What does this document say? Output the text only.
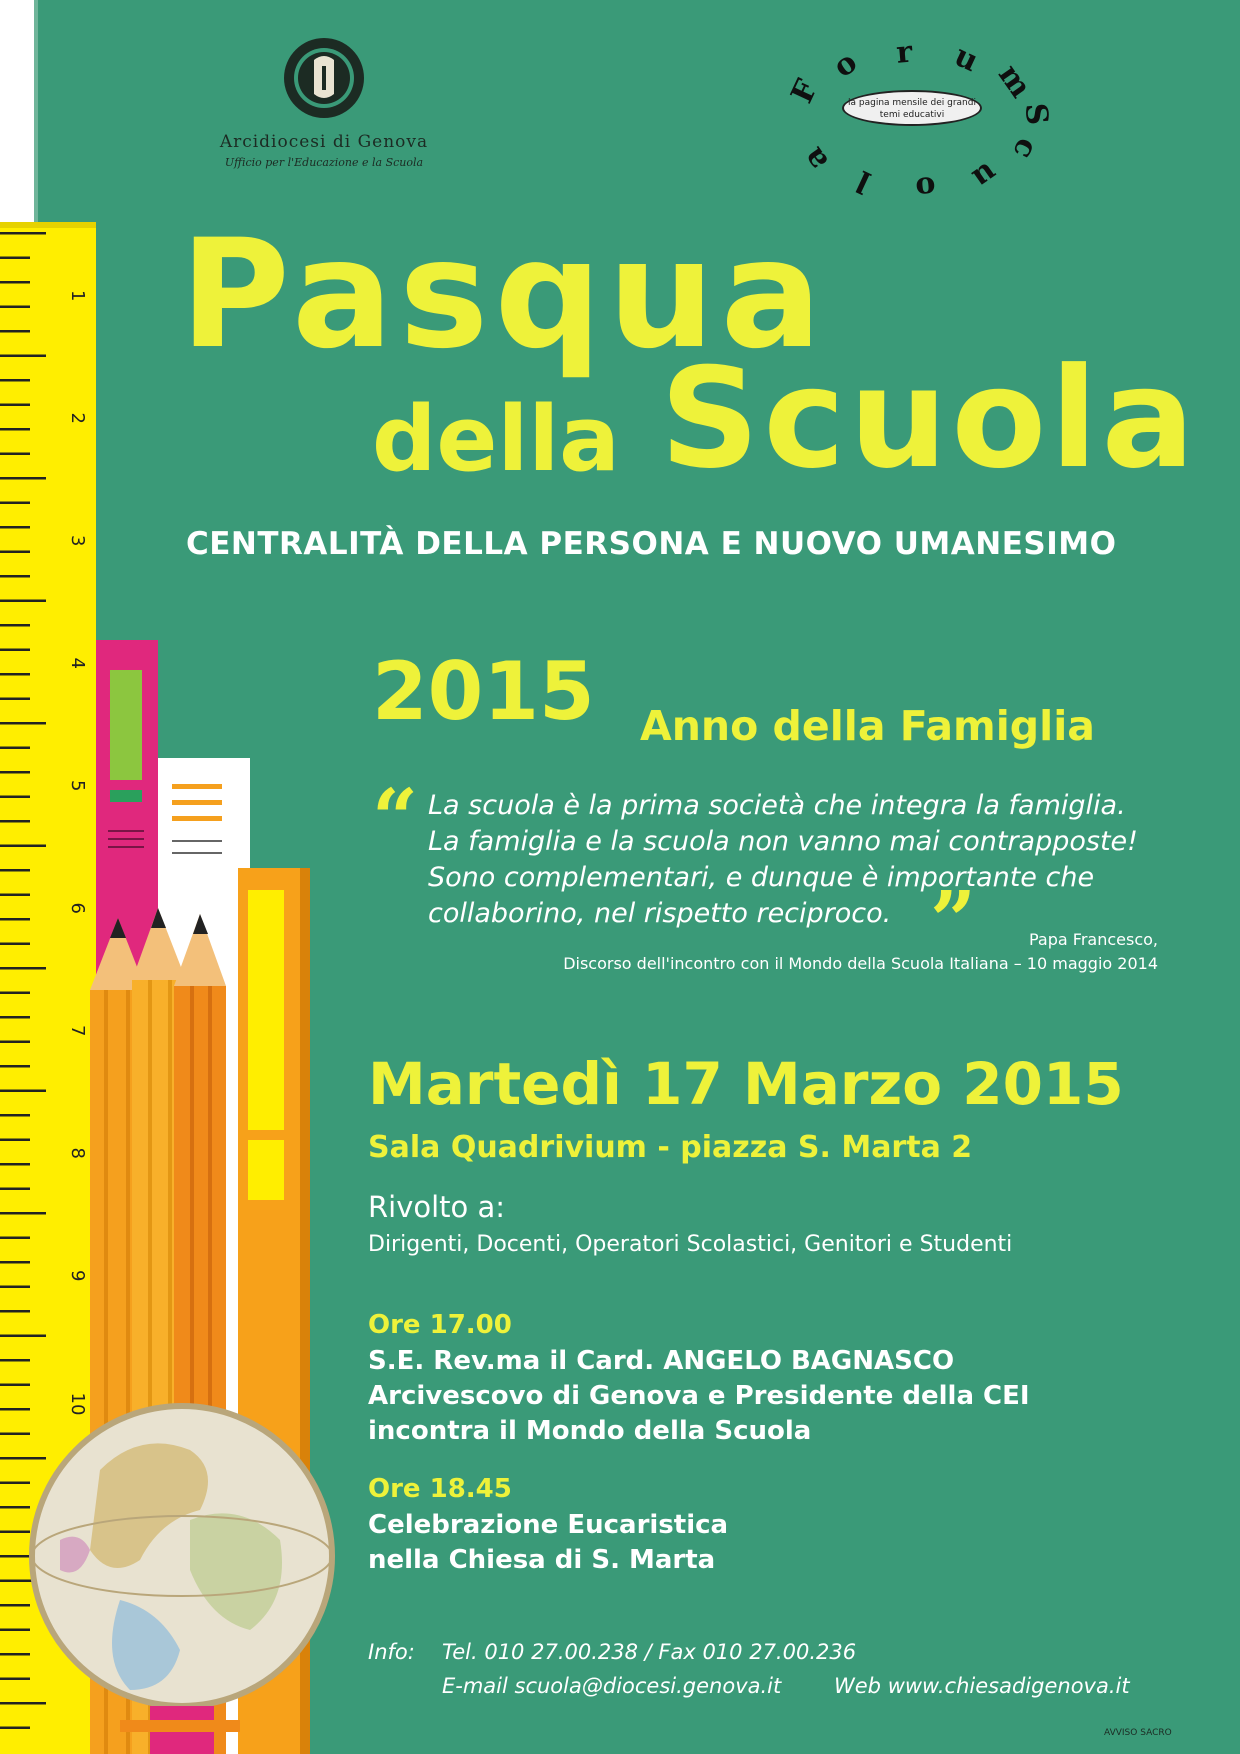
1
2
3
4
5
6
7
8
9
10
Arcidiocesi di Genova
Ufficio per l'Educazione e la Scuola
F
o r u m
S
c
u
o
l
a
la pagina mensile dei grandi temi educativi
Pasqua
della Scuola
CENTRALITÀ DELLA PERSONA E NUOVO UMANESIMO
2015 Anno della Famiglia
“ La scuola è la prima società che integra la famiglia.
La famiglia e la scuola non vanno mai contrapposte!
Sono complementari, e dunque è importante che
collaborino, nel rispetto reciproco. ”	Papa Francesco,
Discorso dell'incontro con il Mondo della Scuola Italiana – 10 maggio 2014
Martedì 17 Marzo 2015
Sala Quadrivium - piazza S. Marta 2
Rivolto a:
Dirigenti, Docenti, Operatori Scolastici, Genitori e Studenti
Ore 17.00
S.E. Rev.ma il Card. ANGELO BAGNASCO
Arcivescovo di Genova e Presidente della CEI
incontra il Mondo della Scuola
Ore 18.45
Celebrazione Eucaristica
nella Chiesa di S. Marta
Info: Tel. 010 27.00.238 / Fax 010 27.00.236
E-mail scuola@diocesi.genova.it	Web www.chiesadigenova.it
AVVISO SACRO
